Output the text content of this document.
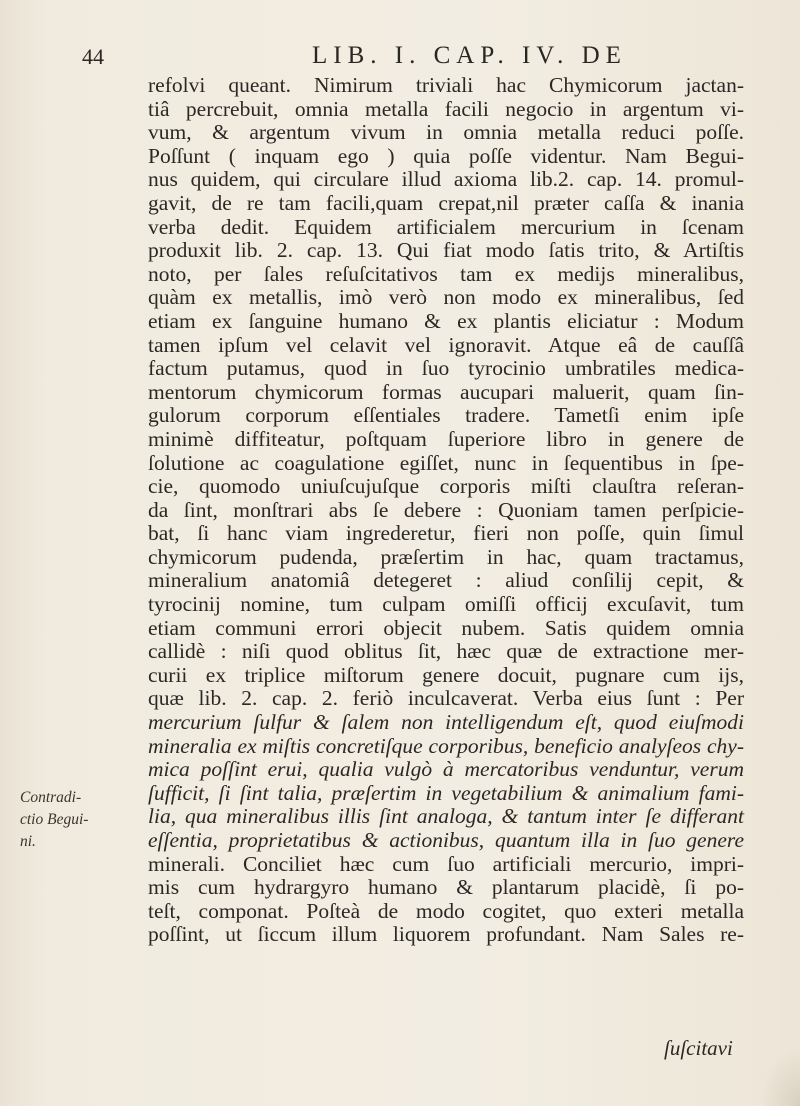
44	LIB. I. CAP. IV. DE
Contradi-
ctio Begui-
ni.
refolvi queant. Nimirum triviali hac Chymicorum jactan-
tiâ percrebuit, omnia metalla facili negocio in argentum vi-
vum, & argentum vivum in omnia metalla reduci poſſe.
Poſſunt ( inquam ego ) quia poſſe videntur. Nam Begui-
nus quidem, qui circulare illud axioma lib.2. cap. 14. promul-
gavit, de re tam facili,quam crepat,nil præter caſſa & inania
verba dedit. Equidem artificialem mercurium in ſcenam
produxit lib. 2. cap. 13. Qui fiat modo ſatis trito, & Artiſtis
noto, per ſales reſuſcitativos tam ex medijs mineralibus,
quàm ex metallis, imò verò non modo ex mineralibus, ſed
etiam ex ſanguine humano & ex plantis eliciatur : Modum
tamen ipſum vel celavit vel ignoravit. Atque eâ de cauſſâ
factum putamus, quod in ſuo tyrocinio umbratiles medica-
mentorum chymicorum formas aucupari maluerit, quam ſin-
gulorum corporum eſſentiales tradere. Tametſi enim ipſe
minimè diffiteatur, poſtquam ſuperiore libro in genere de
ſolutione ac coagulatione egiſſet, nunc in ſequentibus in ſpe-
cie, quomodo uniuſcujuſque corporis miſti clauſtra reſeran-
da ſint, monſtrari abs ſe debere : Quoniam tamen perſpicie-
bat, ſi hanc viam ingrederetur, fieri non poſſe, quin ſimul
chymicorum pudenda, præſertim in hac, quam tractamus,
mineralium anatomiâ detegeret : aliud conſilij cepit, &
tyrocinij nomine, tum culpam omiſſi officij excuſavit, tum
etiam communi errori objecit nubem. Satis quidem omnia
callidè : niſi quod oblitus ſit, hæc quæ de extractione mer-
curii ex triplice miſtorum genere docuit, pugnare cum ijs,
quæ lib. 2. cap. 2. feriò inculcaverat. Verba eius ſunt : Per
mercurium ſulfur & ſalem non intelligendum eſt, quod eiuſmodi
mineralia ex miſtis concretiſque corporibus, beneficio analyſeos chy-
mica poſſint erui, qualia vulgò à mercatoribus venduntur, verum
ſufficit, ſi ſint talia, præſertim in vegetabilium & animalium fami-
lia, qua mineralibus illis ſint analoga, & tantum inter ſe differant
eſſentia, proprietatibus & actionibus, quantum illa in ſuo genere
minerali. Conciliet hæc cum ſuo artificiali mercurio, impri-
mis cum hydrargyro humano & plantarum placidè, ſi po-
teſt, componat. Poſteà de modo cogitet, quo exteri metalla
poſſint, ut ſiccum illum liquorem profundant. Nam Sales re-
ſuſcitavi
